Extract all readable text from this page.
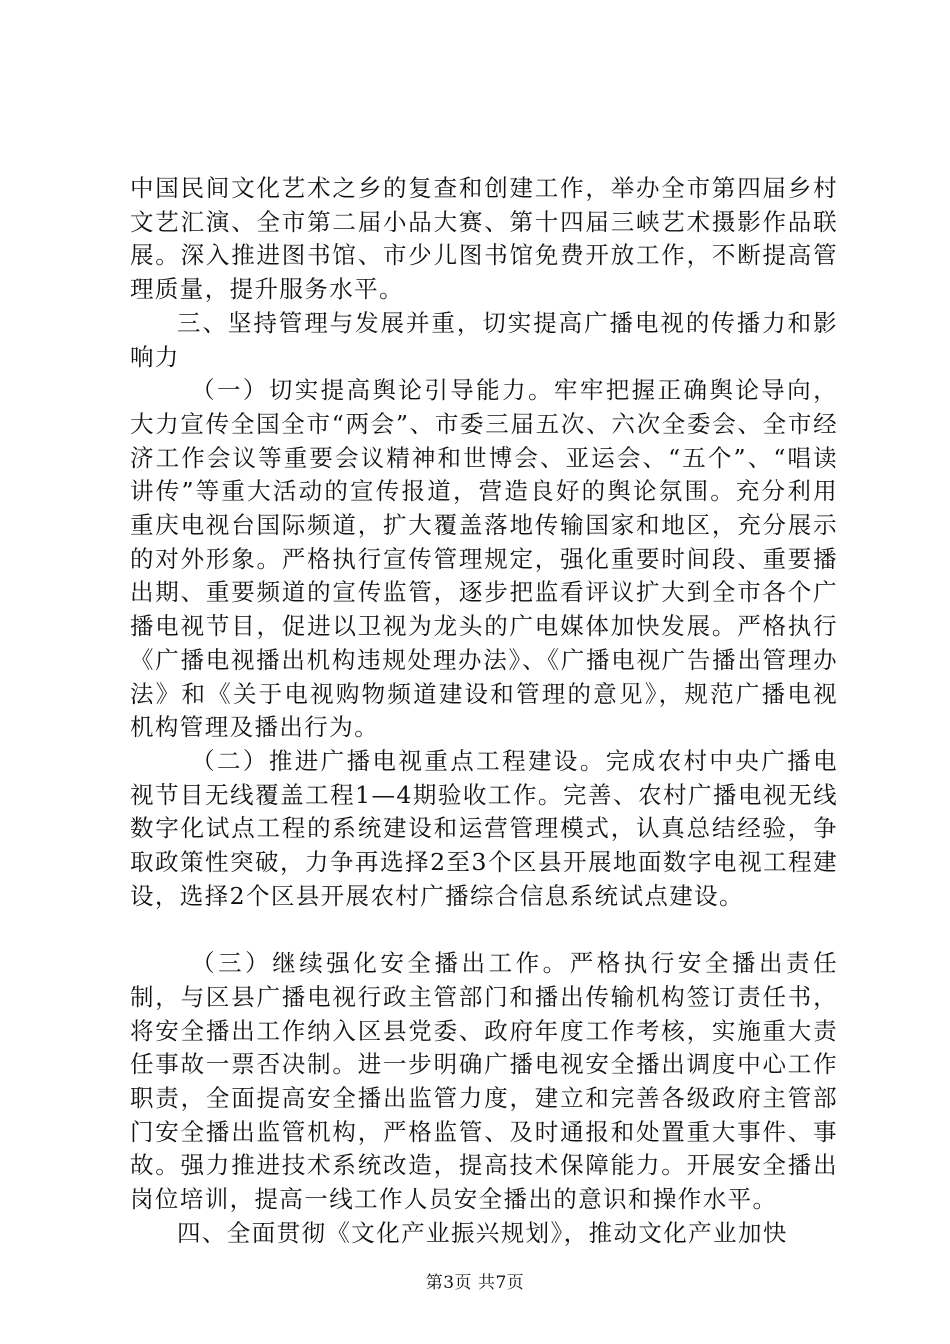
中国民间文化艺术之乡的复查和创建工作，举办全市第四届乡村文艺汇演、全市第二届小品大赛、第十四届三峡艺术摄影作品联展。深入推进图书馆、市少儿图书馆免费开放工作，不断提高管理质量，提升服务水平。

三、坚持管理与发展并重，切实提高广播电视的传播力和影响力

（一）切实提高舆论引导能力。牢牢把握正确舆论导向，大力宣传全国全市“两会”、市委三届五次、六次全委会、全市经济工作会议等重要会议精神和世博会、亚运会、“五个”、“唱读讲传”等重大活动的宣传报道，营造良好的舆论氛围。充分利用重庆电视台国际频道，扩大覆盖落地传输国家和地区，充分展示的对外形象。严格执行宣传管理规定，强化重要时间段、重要播出期、重要频道的宣传监管，逐步把监看评议扩大到全市各个广播电视节目，促进以卫视为龙头的广电媒体加快发展。严格执行《广播电视播出机构违规处理办法》、《广播电视广告播出管理办法》和《关于电视购物频道建设和管理的意见》，规范广播电视机构管理及播出行为。

（二）推进广播电视重点工程建设。完成农村中央广播电视节目无线覆盖工程1—4期验收工作。完善、农村广播电视无线数字化试点工程的系统建设和运营管理模式，认真总结经验，争取政策性突破，力争再选择2至3个区县开展地面数字电视工程建设，选择2个区县开展农村广播综合信息系统试点建设。

（三）继续强化安全播出工作。严格执行安全播出责任制，与区县广播电视行政主管部门和播出传输机构签订责任书，将安全播出工作纳入区县党委、政府年度工作考核，实施重大责任事故一票否决制。进一步明确广播电视安全播出调度中心工作职责，全面提高安全播出监管力度，建立和完善各级政府主管部门安全播出监管机构，严格监管、及时通报和处置重大事件、事故。强力推进技术系统改造，提高技术保障能力。开展安全播出岗位培训，提高一线工作人员安全播出的意识和操作水平。

四、全面贯彻《文化产业振兴规划》，推动文化产业加快

第3页 共7页
